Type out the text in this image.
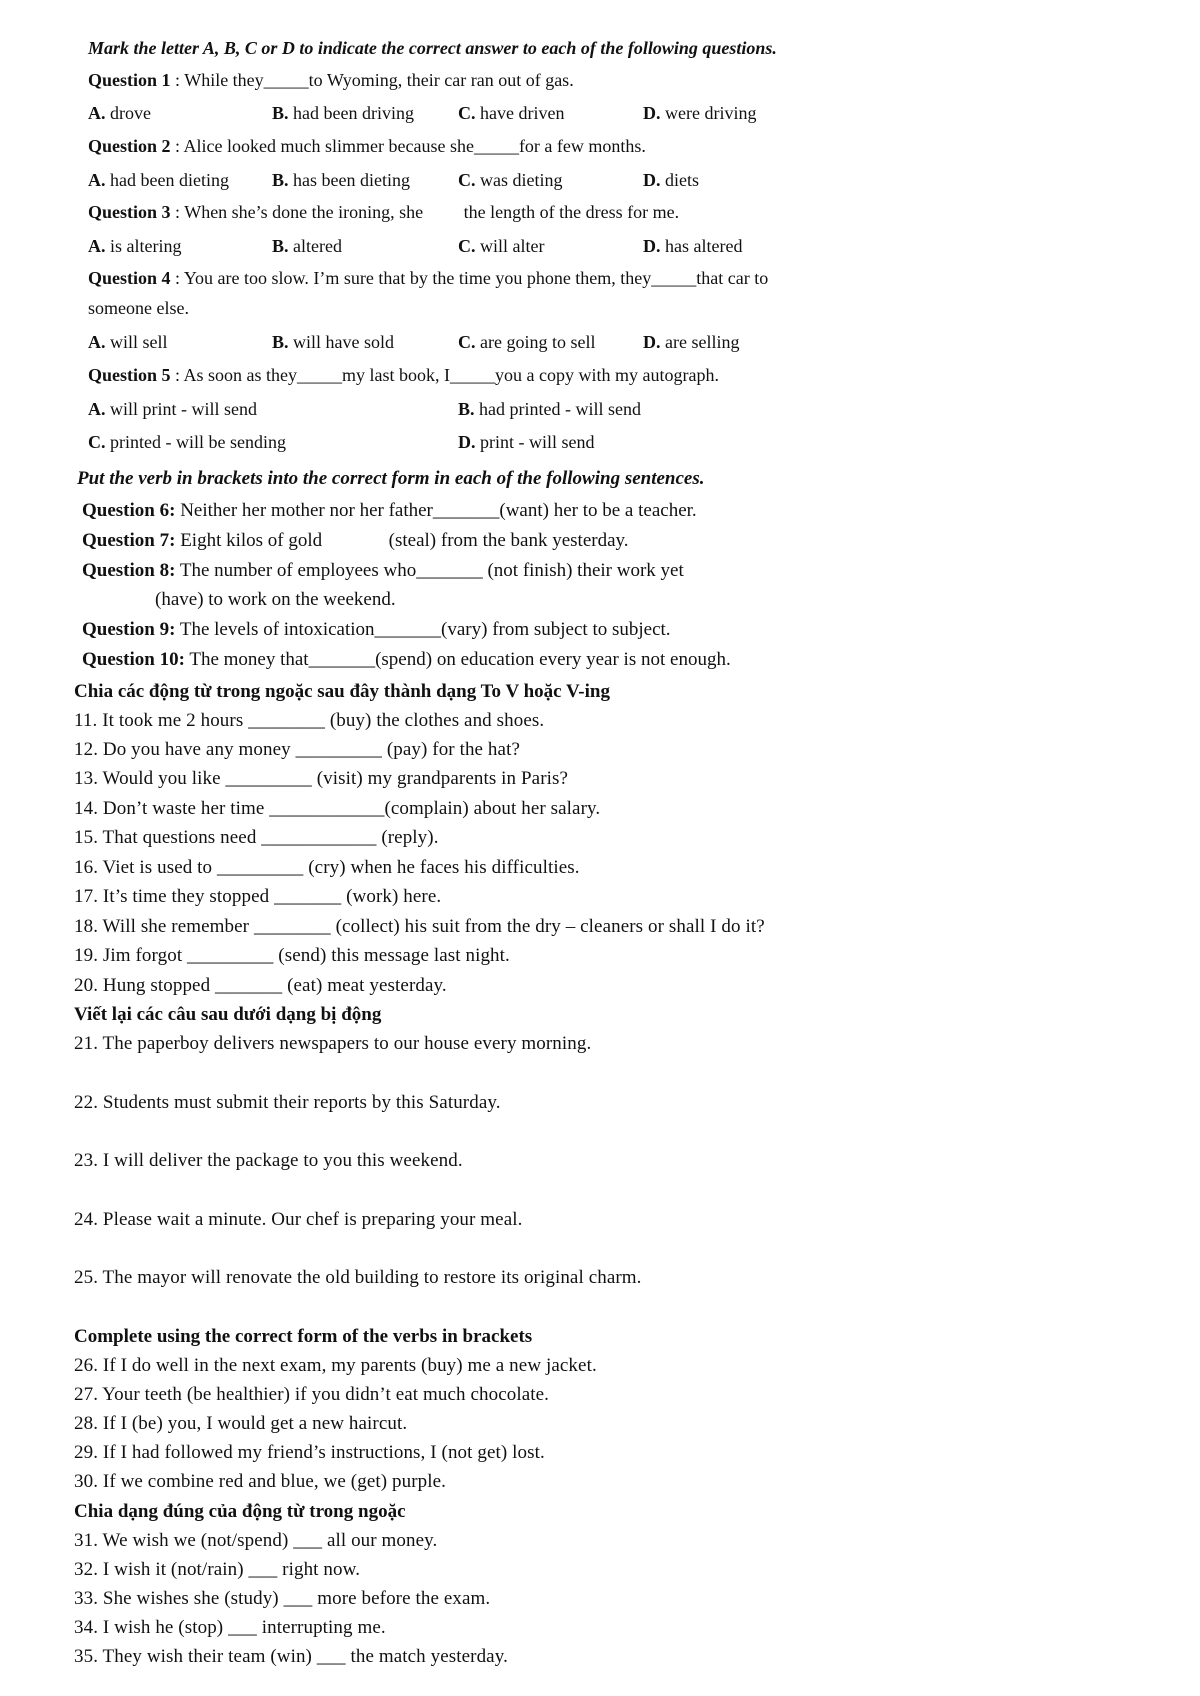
Mark the letter A, B, C or D to indicate the correct answer to each of the following questions.
Question 1 : While they_____to Wyoming, their car ran out of gas.
A. drove	B. had been driving C. have driven	D. were driving
Question 2 : Alice looked much slimmer because she_____for a few months.
A. had been dieting B. has been dieting	C. was dieting	D. diets
Question 3 : When she’s done the ironing, she         the length of the dress for me.
A. is altering	B. altered	C. will alter	D. has altered
Question 4 : You are too slow. I’m sure that by the time you phone them, they_____that car to
someone else.
A. will sell	B. will have sold	C. are going to sell	D. are selling
Question 5 : As soon as they_____my last book, I_____you a copy with my autograph.
A. will print - will send	B. had printed - will send
C. printed - will be sending	D. print - will send
Put the verb in brackets into the correct form in each of the following sentences.
Question 6: Neither her mother nor her father_______(want) her to be a teacher.
Question 7: Eight kilos of gold              (steal) from the bank yesterday.
Question 8: The number of employees who_______ (not finish) their work yet
(have) to work on the weekend.
Question 9: The levels of intoxication_______(vary) from subject to subject.
Question 10: The money that_______(spend) on education every year is not enough.
Chia các động từ trong ngoặc sau đây thành dạng To V hoặc V-ing
11. It took me 2 hours ________ (buy) the clothes and shoes.
12. Do you have any money _________ (pay) for the hat?
13. Would you like _________ (visit) my grandparents in Paris?
14. Don’t waste her time ____________(complain) about her salary.
15. That questions need ____________ (reply).
16. Viet is used to _________ (cry) when he faces his difficulties.
17. It’s time they stopped _______ (work) here.
18. Will she remember ________ (collect) his suit from the dry – cleaners or shall I do it?
19. Jim forgot _________ (send) this message last night.
20. Hung stopped _______ (eat) meat yesterday.
Viết lại các câu sau dưới dạng bị động
21. The paperboy delivers newspapers to our house every morning.
22. Students must submit their reports by this Saturday.
23. I will deliver the package to you this weekend.
24. Please wait a minute. Our chef is preparing your meal.
25. The mayor will renovate the old building to restore its original charm.
Complete using the correct form of the verbs in brackets
26. If I do well in the next exam, my parents (buy) me a new jacket.
27. Your teeth (be healthier) if you didn’t eat much chocolate.
28. If I (be) you, I would get a new haircut.
29. If I had followed my friend’s instructions, I (not get) lost.
30. If we combine red and blue, we (get) purple.
Chia dạng đúng của động từ trong ngoặc
31. We wish we (not/spend) ___ all our money.
32. I wish it (not/rain) ___ right now.
33. She wishes she (study) ___ more before the exam.
34. I wish he (stop) ___ interrupting me.
35. They wish their team (win) ___ the match yesterday.
